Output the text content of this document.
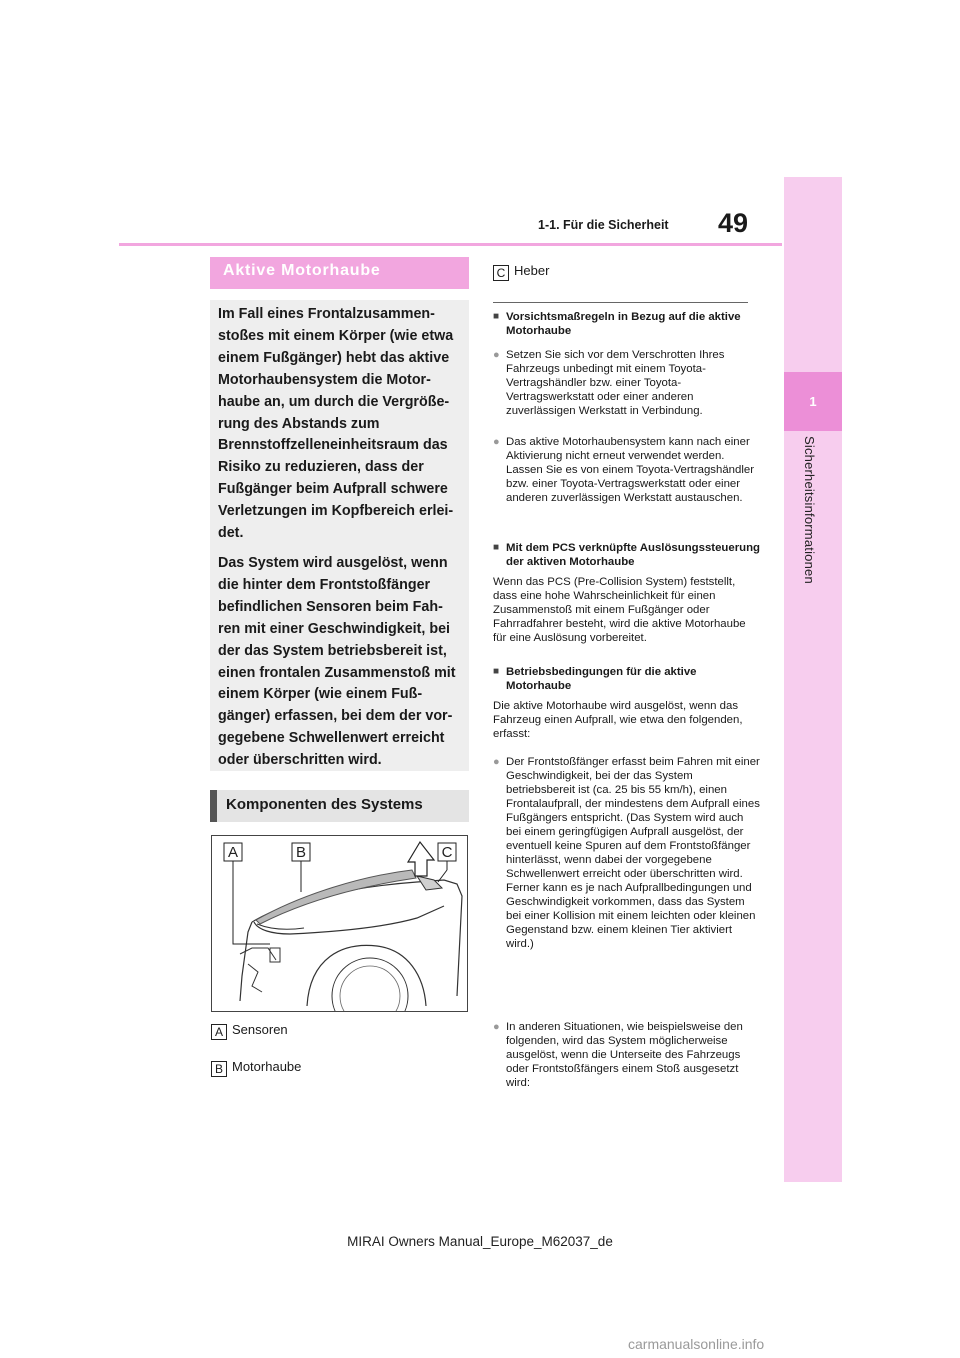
1-1. Für die Sicherheit 49
1
Sicherheitsinformationen
Aktive Motorhaube

Im Fall eines Frontalzusammenstoßes mit einem Körper (wie etwa einem Fußgänger) hebt das aktive Motorhaubensystem die Motorhaube an, um durch die Vergrößerung des Abstands zum Brennstoffzelleneinheitsraum das Risiko zu reduzieren, dass der Fußgänger beim Aufprall schwere Verletzungen im Kopfbereich erleidet.

Das System wird ausgelöst, wenn die hinter dem Frontstoßfänger befindlichen Sensoren beim Fahren mit einer Geschwindigkeit, bei der das System betriebsbereit ist, einen frontalen Zusammenstoß mit einem Körper (wie einem Fußgänger) erfassen, bei dem der vorgegebene Schwellenwert erreicht oder überschritten wird.

Komponenten des Systems
A	B	C
A Sensoren
B Motorhaube
C Heber
■ Vorsichtsmaßregeln in Bezug auf die aktive Motorhaube
● Setzen Sie sich vor dem Verschrotten Ihres Fahrzeugs unbedingt mit einem Toyota-Vertragshändler bzw. einer Toyota-Vertragswerkstatt oder einer anderen zuverlässigen Werkstatt in Verbindung.
● Das aktive Motorhaubensystem kann nach einer Aktivierung nicht erneut verwendet werden. Lassen Sie es von einem Toyota-Vertragshändler bzw. einer Toyota-Vertragswerkstatt oder einer anderen zuverlässigen Werkstatt austauschen.
■ Mit dem PCS verknüpfte Auslösungssteuerung der aktiven Motorhaube
Wenn das PCS (Pre-Collision System) feststellt, dass eine hohe Wahrscheinlichkeit für einen Zusammenstoß mit einem Fußgänger oder Fahrradfahrer besteht, wird die aktive Motorhaube für eine Auslösung vorbereitet.
■ Betriebsbedingungen für die aktive Motorhaube
Die aktive Motorhaube wird ausgelöst, wenn das Fahrzeug einen Aufprall, wie etwa den folgenden, erfasst:
● Der Frontstoßfänger erfasst beim Fahren mit einer Geschwindigkeit, bei der das System betriebsbereit ist (ca. 25 bis 55 km/h), einen Frontalaufprall, der mindestens dem Aufprall eines Fußgängers entspricht. (Das System wird auch bei einem geringfügigen Aufprall ausgelöst, der eventuell keine Spuren auf dem Frontstoßfänger hinterlässt, wenn dabei der vorgegebene Schwellenwert erreicht oder überschritten wird. Ferner kann es je nach Aufprallbedingungen und Geschwindigkeit vorkommen, dass das System bei einer Kollision mit einem leichten oder kleinen Gegenstand bzw. einem kleinen Tier aktiviert wird.)
● In anderen Situationen, wie beispielsweise den folgenden, wird das System möglicherweise ausgelöst, wenn die Unterseite des Fahrzeugs oder Frontstoßfängers einem Stoß ausgesetzt wird:
MIRAI Owners Manual_Europe_M62037_de
carmanualsonline.info
